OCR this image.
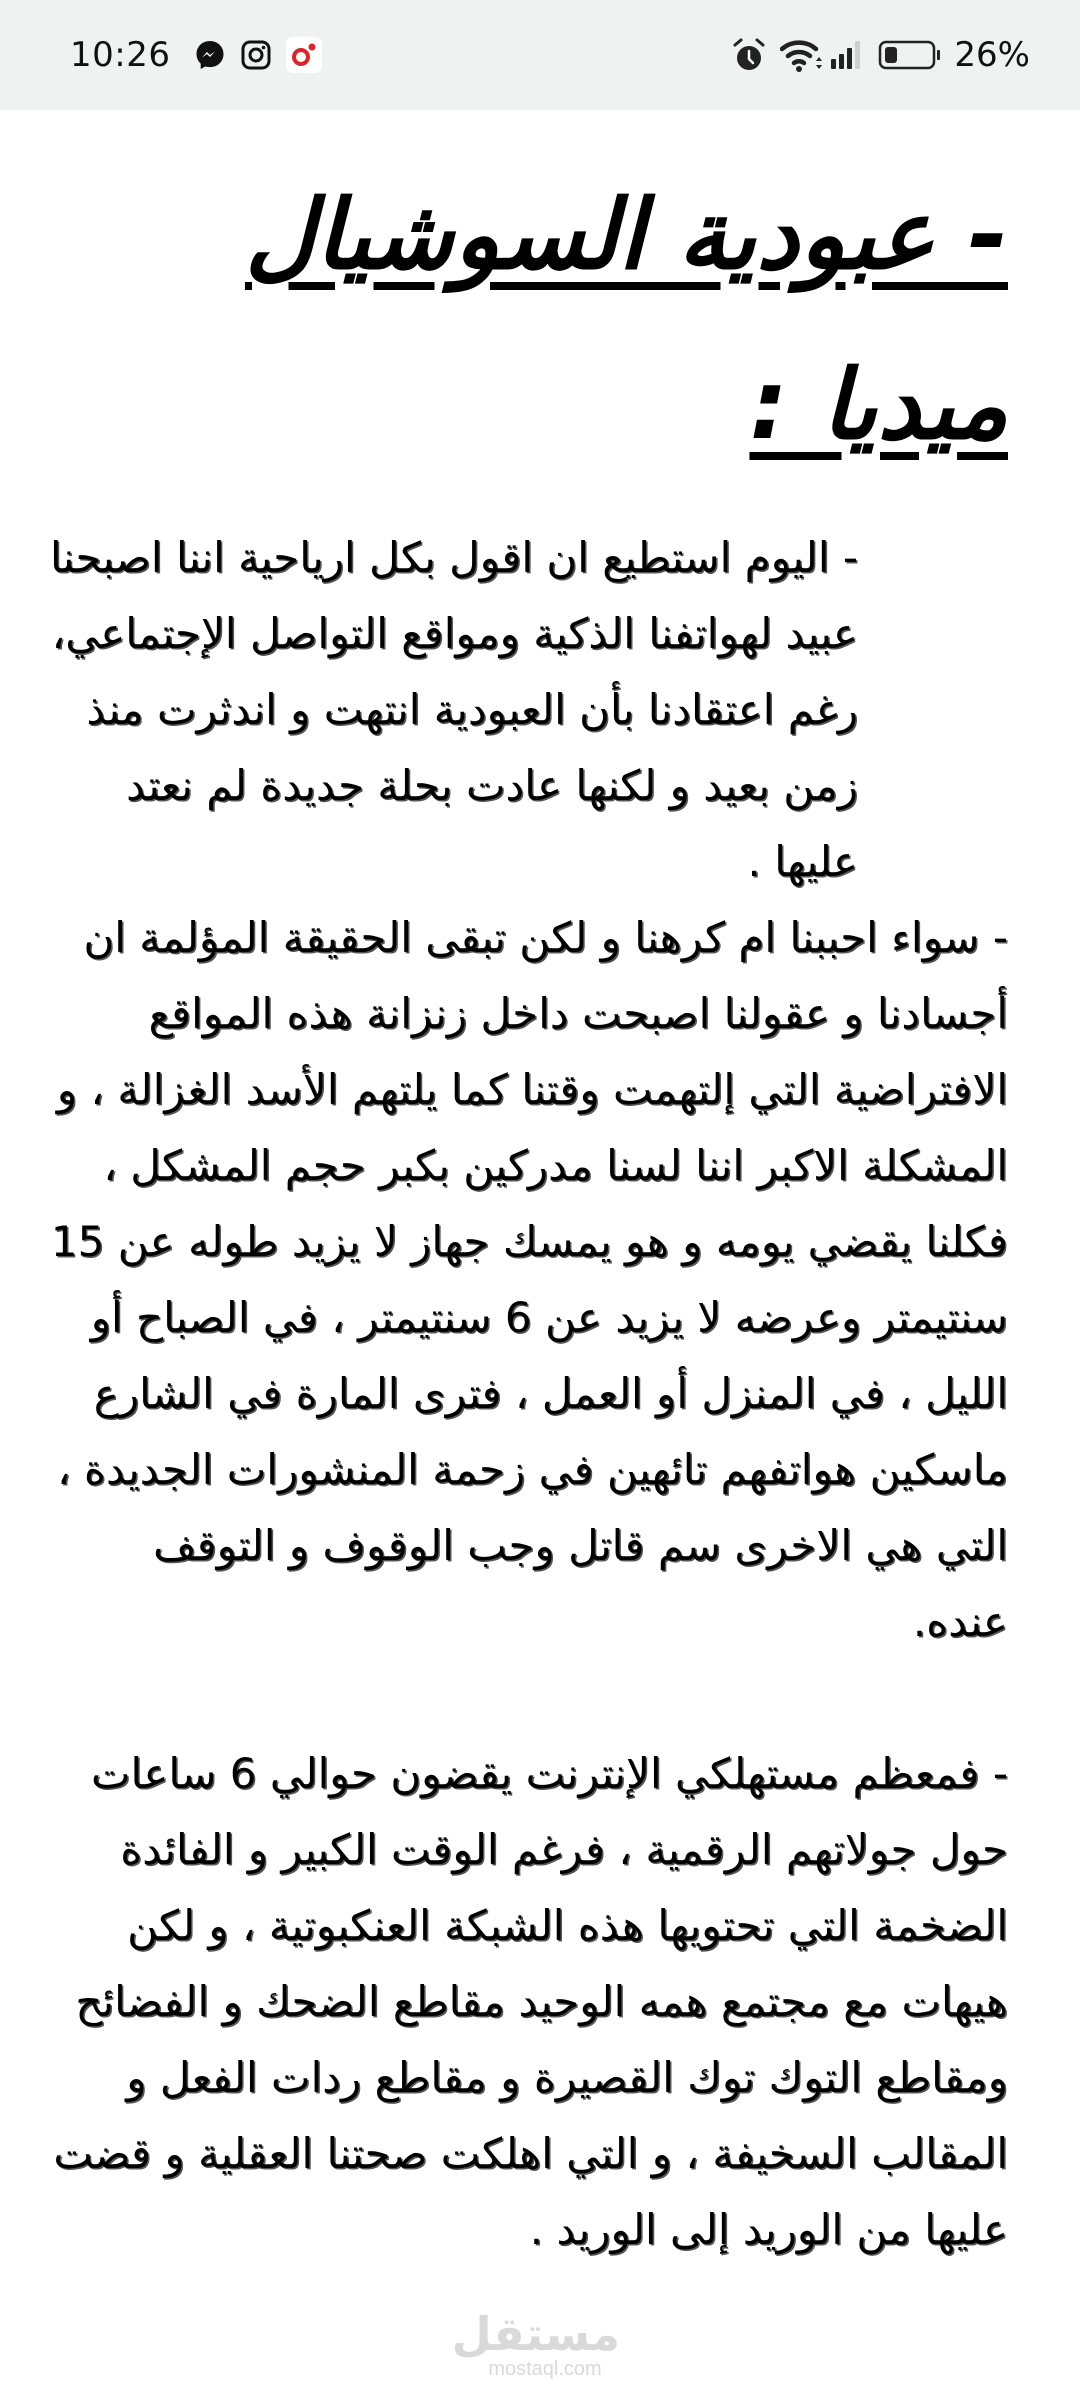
10:26	26%
- عبودية السوشيال ميديا :

- اليوم استطيع ان اقول بكل ارياحية اننا اصبحنا عبيد لهواتفنا الذكية ومواقع التواصل الإجتماعي، رغم اعتقادنا بأن العبودية انتهت و اندثرت منذ زمن بعيد و لكنها عادت بحلة جديدة لم نعتد عليها .

- سواء احببنا ام كرهنا و لكن تبقى الحقيقة المؤلمة ان أجسادنا و عقولنا اصبحت داخل زنزانة هذه المواقع الافتراضية التي إلتهمت وقتنا كما يلتهم الأسد الغزالة ، و المشكلة الاكبر اننا لسنا مدركين بكبر حجم المشكل ، فكلنا يقضي يومه و هو يمسك جهاز لا يزيد طوله عن 15 سنتيمتر وعرضه لا يزيد عن 6 سنتيمتر ، في الصباح أو الليل ، في المنزل أو العمل ، فترى المارة في الشارع ماسكين هواتفهم تائهين في زحمة المنشورات الجديدة ، التي هي الاخرى سم قاتل وجب الوقوف و التوقف عنده.

- فمعظم مستهلكي الإنترنت يقضون حوالي 6 ساعات حول جولاتهم الرقمية ، فرغم الوقت الكبير و الفائدة الضخمة التي تحتويها هذه الشبكة العنكبوتية ، و لكن هيهات مع مجتمع همه الوحيد مقاطع الضحك و الفضائح ومقاطع التوك توك القصيرة و مقاطع ردات الفعل و المقالب السخيفة ، و التي اهلكت صحتنا العقلية و قضت عليها من الوريد إلى الوريد .

مستقل
mostaql.com
